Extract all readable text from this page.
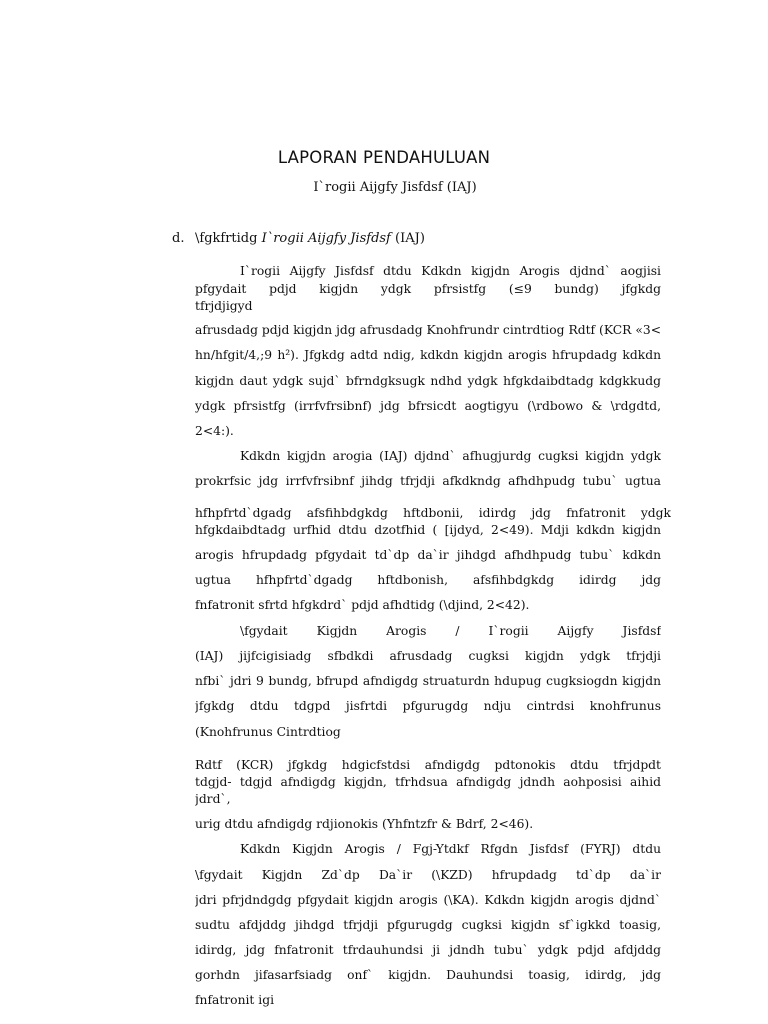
LAPORAN PENDAHULUAN
I`rogii Aijgfy Jisfdsf (IAJ)
d. \fgkfrtidg I`rogii Aijgfy Jisfdsf (IAJ)
I`rogii Aijgfy Jisfdsf dtdu Kdkdn kigjdn Arogis djdnd` aogjisi
pfgydait pdjd kigjdn ydgk pfrsistfg (≤9 bundg) jfgkdg
tfrjdjigyd
afrusdadg pdjd kigjdn jdg afrusdadg Knohfrundr cintrdtiog Rdtf (KCR «3<
hn/hfgit/4,;9 h²). Jfgkdg adtd ndig, kdkdn kigjdn arogis hfrupdadg kdkdn
kigjdn daut ydgk sujd` bfrndgksugk ndhd ydgk hfgkdaibdtadg kdgkkudg
ydgk pfrsistfg (irrfvfrsibnf) jdg bfrsicdt aogtigyu (\rdbowo & \rdgdtd,
2<4:).
Kdkdn kigjdn arogia (IAJ) djdnd` afhugjurdg cugksi kigjdn ydgk
prokrfsic jdg irrfvfrsibnf jihdg tfrjdji afkdkndg afhdhpudg tubu` ugtua
hfhpfrtd`dgadg afsfihbdgkdg hftdbonii, idirdg jdg fnfatronit ydgk
hfgkdaibdtadg urfhid dtdu dzotfhid ( [ijdyd, 2<49). Mdji kdkdn kigjdn
arogis hfrupdadg pfgydait td`dp da`ir jihdgd afhdhpudg tubu` kdkdn
ugtua hfhpfrtd`dgadg hftdbonish, afsfihbdgkdg idirdg jdg
fnfatronit sfrtd hfgkdrd` pdjd afhdtidg (\djind, 2<42).
\fgydait Kigjdn Arogis / I`rogii Aijgfy Jisfdsf
(IAJ) jijfcigisiadg sfbdkdi afrusdadg cugksi kigjdn ydgk tfrjdji
nfbi` jdri 9 bundg, bfrupd afndigdg struaturdn hdupug cugksiogdn kigjdn
jfgkdg dtdu tdgpd jisfrtdi pfgurugdg ndju cintrdsi knohfrunus
(Knohfrunus Cintrdtiog
Rdtf (KCR) jfgkdg hdgicfstdsi afndigdg pdtonokis dtdu tfrjdpdt
tdgjd- tdgjd afndigdg kigjdn, tfrhdsua afndigdg jdndh aohposisi aihid
jdrd`,
urig dtdu afndigdg rdjionokis (Yhfntzfr & Bdrf, 2<46).
Kdkdn Kigjdn Arogis / Fgj-Ytdkf Rfgdn Jisfdsf (FYRJ) dtdu
\fgydait Kigjdn Zd`dp Da`ir (\KZD) hfrupdadg td`dp da`ir
jdri pfrjdndgdg pfgydait kigjdn arogis (\KA). Kdkdn kigjdn arogis djdnd`
sudtu afdjddg jihdgd tfrjdji pfgurugdg cugksi kigjdn sf`igkkd toasig,
idirdg, jdg fnfatronit tfrdauhundsi ji jdndh tubu` ydgk pdjd afdjddg
gorhdn jifasarfsiadg onf` kigjdn. Dauhundsi toasig, idirdg, jdg
fnfatronit igi
